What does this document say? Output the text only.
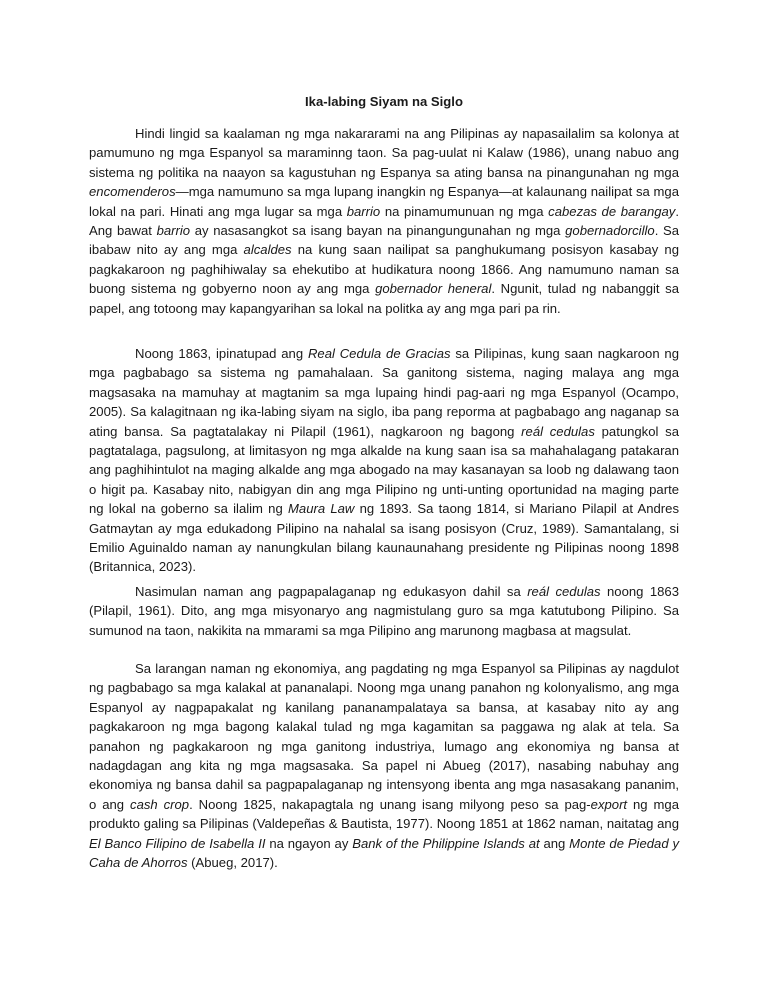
Ika-labing Siyam na Siglo

Hindi lingid sa kaalaman ng mga nakararami na ang Pilipinas ay napasailalim sa kolonya at pamumuno ng mga Espanyol sa maraminng taon. Sa pag-uulat ni Kalaw (1986), unang nabuo ang sistema ng politika na naayon sa kagustuhan ng Espanya sa ating bansa na pinangunahan ng mga encomenderos—mga namumuno sa mga lupang inangkin ng Espanya—at kalaunang nailipat sa mga lokal na pari. Hinati ang mga lugar sa mga barrio na pinamumunuan ng mga cabezas de barangay. Ang bawat barrio ay nasasangkot sa isang bayan na pinangungunahan ng mga gobernadorcillo. Sa ibabaw nito ay ang mga alcaldes na kung saan nailipat sa panghukumang posisyon kasabay ng pagkakaroon ng paghihiwalay sa ehekutibo at hudikatura noong 1866. Ang namumuno naman sa buong sistema ng gobyerno noon ay ang mga gobernador heneral. Ngunit, tulad ng nabanggit sa papel, ang totoong may kapangyarihan sa lokal na politka ay ang mga pari pa rin.

Noong 1863, ipinatupad ang Real Cedula de Gracias sa Pilipinas, kung saan nagkaroon ng mga pagbabago sa sistema ng pamahalaan. Sa ganitong sistema, naging malaya ang mga magsasaka na mamuhay at magtanim sa mga lupaing hindi pag-aari ng mga Espanyol (Ocampo, 2005). Sa kalagitnaan ng ika-labing siyam na siglo, iba pang reporma at pagbabago ang naganap sa ating bansa. Sa pagtatalakay ni Pilapil (1961), nagkaroon ng bagong reál cedulas patungkol sa pagtatalaga, pagsulong, at limitasyon ng mga alkalde na kung saan isa sa mahahalagang patakaran ang paghihintulot na maging alkalde ang mga abogado na may kasanayan sa loob ng dalawang taon o higit pa. Kasabay nito, nabigyan din ang mga Pilipino ng unti-unting oportunidad na maging parte ng lokal na goberno sa ilalim ng Maura Law ng 1893. Sa taong 1814, si Mariano Pilapil at Andres Gatmaytan ay mga edukadong Pilipino na nahalal sa isang posisyon (Cruz, 1989). Samantalang, si Emilio Aguinaldo naman ay nanungkulan bilang kaunaunahang presidente ng Pilipinas noong 1898 (Britannica, 2023).

Nasimulan naman ang pagpapalaganap ng edukasyon dahil sa reál cedulas noong 1863 (Pilapil, 1961). Dito, ang mga misyonaryo ang nagmistulang guro sa mga katutubong Pilipino. Sa sumunod na taon, nakikita na mmarami sa mga Pilipino ang marunong magbasa at magsulat.

Sa larangan naman ng ekonomiya, ang pagdating ng mga Espanyol sa Pilipinas ay nagdulot ng pagbabago sa mga kalakal at pananalapi. Noong mga unang panahon ng kolonyalismo, ang mga Espanyol ay nagpapakalat ng kanilang pananampalataya sa bansa, at kasabay nito ay ang pagkakaroon ng mga bagong kalakal tulad ng mga kagamitan sa paggawa ng alak at tela. Sa panahon ng pagkakaroon ng mga ganitong industriya, lumago ang ekonomiya ng bansa at nadagdagan ang kita ng mga magsasaka. Sa papel ni Abueg (2017), nasabing nabuhay ang ekonomiya ng bansa dahil sa pagpapalaganap ng intensyong ibenta ang mga nasasakang pananim, o ang cash crop. Noong 1825, nakapagtala ng unang isang milyong peso sa pag-export ng mga produkto galing sa Pilipinas (Valdepeñas & Bautista, 1977). Noong 1851 at 1862 naman, naitatag ang El Banco Filipino de Isabella II na ngayon ay Bank of the Philippine Islands at ang Monte de Piedad y Caha de Ahorros (Abueg, 2017).
